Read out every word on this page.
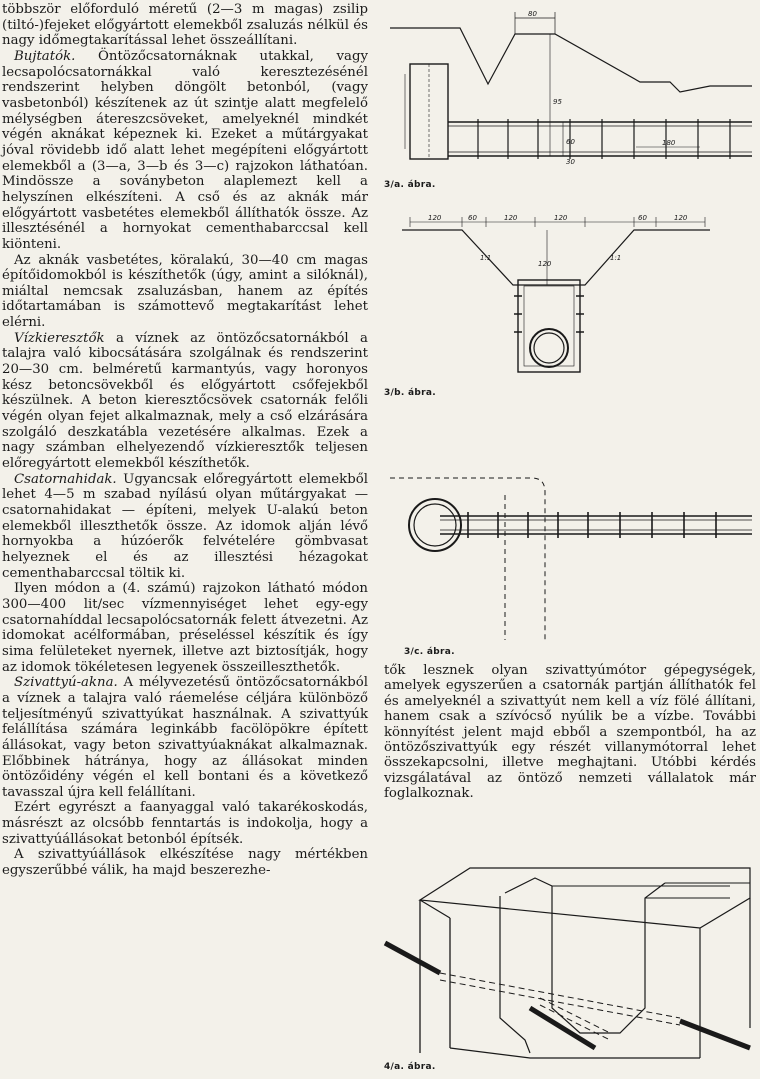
többször előforduló méretű (2—3 m magas) zsilip (tiltó-)fejeket előgyártott elemekből zsaluzás nélkül és nagy időmegtakarítással lehet összeállítani.

Bujtatók. Öntözőcsatornáknak utakkal, vagy lecsapolócsatornákkal való keresztezésénél rendszerint helyben döngölt betonból, (vagy vasbetonból) készítenek az út szintje alatt megfelelő mélységben átereszcsöveket, amelyeknél mindkét végén aknákat képeznek ki. Ezeket a műtárgyakat jóval rövidebb idő alatt lehet megépíteni előgyártott elemekből a (3—a, 3—b és 3—c) rajzokon láthatóan. Mindössze a soványbeton alaplemezt kell a helyszínen elkészíteni. A cső és az aknák már előgyártott vasbetétes elemekből állíthatók össze. Az illesztésénél a hornyokat cementhabarccsal kell kiönteni.

Az aknák vasbetétes, köralakú, 30—40 cm magas építőidomokból is készíthetők (úgy, amint a silóknál), miáltal nemcsak zsaluzásban, hanem az építés időtartamában is számottevő megtakarítást lehet elérni.

Vízkieresztők a víznek az öntözőcsatornákból a talajra való kibocsátására szolgálnak és rendszerint 20—30 cm. belméretű karmantyús, vagy horonyos kész betoncsövekből és előgyártott csőfejekből készülnek. A beton kieresztőcsövek csatornák felőli végén olyan fejet alkalmaznak, mely a cső elzárására szolgáló deszkatábla vezetésére alkalmas. Ezek a nagy számban elhelyezendő vízkieresztők teljesen előregyártott elemekből készíthetők.

Csatornahidak. Ugyancsak előregyártott elemekből lehet 4—5 m szabad nyílású olyan műtárgyakat — csatornahidakat — építeni, melyek U-alakú beton elemekből illeszthetők össze. Az idomok alján lévő hornyokba a húzóerők felvételére gömbvasat helyeznek el és az illesztési hézagokat cementhabarccsal töltik ki.

Ilyen módon a (4. számú) rajzokon látható módon 300—400 lit/sec vízmennyiséget lehet egy-egy csatornahíddal lecsapolócsatornák felett átvezetni. Az idomokat acélformában, préseléssel készítik és így sima felületeket nyernek, illetve azt biztosítják, hogy az idomok tökéletesen legyenek összeilleszthetők.

Szivattyú-akna. A mélyvezetésű öntözőcsatornákból a víznek a talajra való ráemelése céljára különböző teljesítményű szivattyúkat használnak. A szivattyúk felállítása számára leginkább facölöpökre épített állásokat, vagy beton szivattyúaknákat alkalmaznak. Előbbinek hátránya, hogy az állásokat minden öntözőidény végén el kell bontani és a következő tavasszal újra kell felállítani.

Ezért egyrészt a faanyaggal való takarékoskodás, másrészt az olcsóbb fenntartás is indokolja, hogy a szivattyúállásokat betonból építsék.

A szivattyúállások elkészítése nagy mértékben egyszerűbbé válik, ha majd beszerezhe-

80
95
60
30
180
3/a. ábra.
120	60	120	120	60	120
1:1	1:1
120
3/b. ábra.
3/c. ábra.

tők lesznek olyan szivattyúmótor gépegységek, amelyek egyszerűen a csatornák partján állíthatók fel és amelyeknél a szivattyút nem kell a víz fölé állítani, hanem csak a szívócső nyúlik be a vízbe. További könnyítést jelent majd ebből a szempontból, ha az öntözőszivattyúk egy részét villanymótorral lehet összekapcsolni, illetve meghajtani. Utóbbi kérdés vizsgálatával az öntöző nemzeti vállalatok már foglalkoznak.

4/a. ábra.
